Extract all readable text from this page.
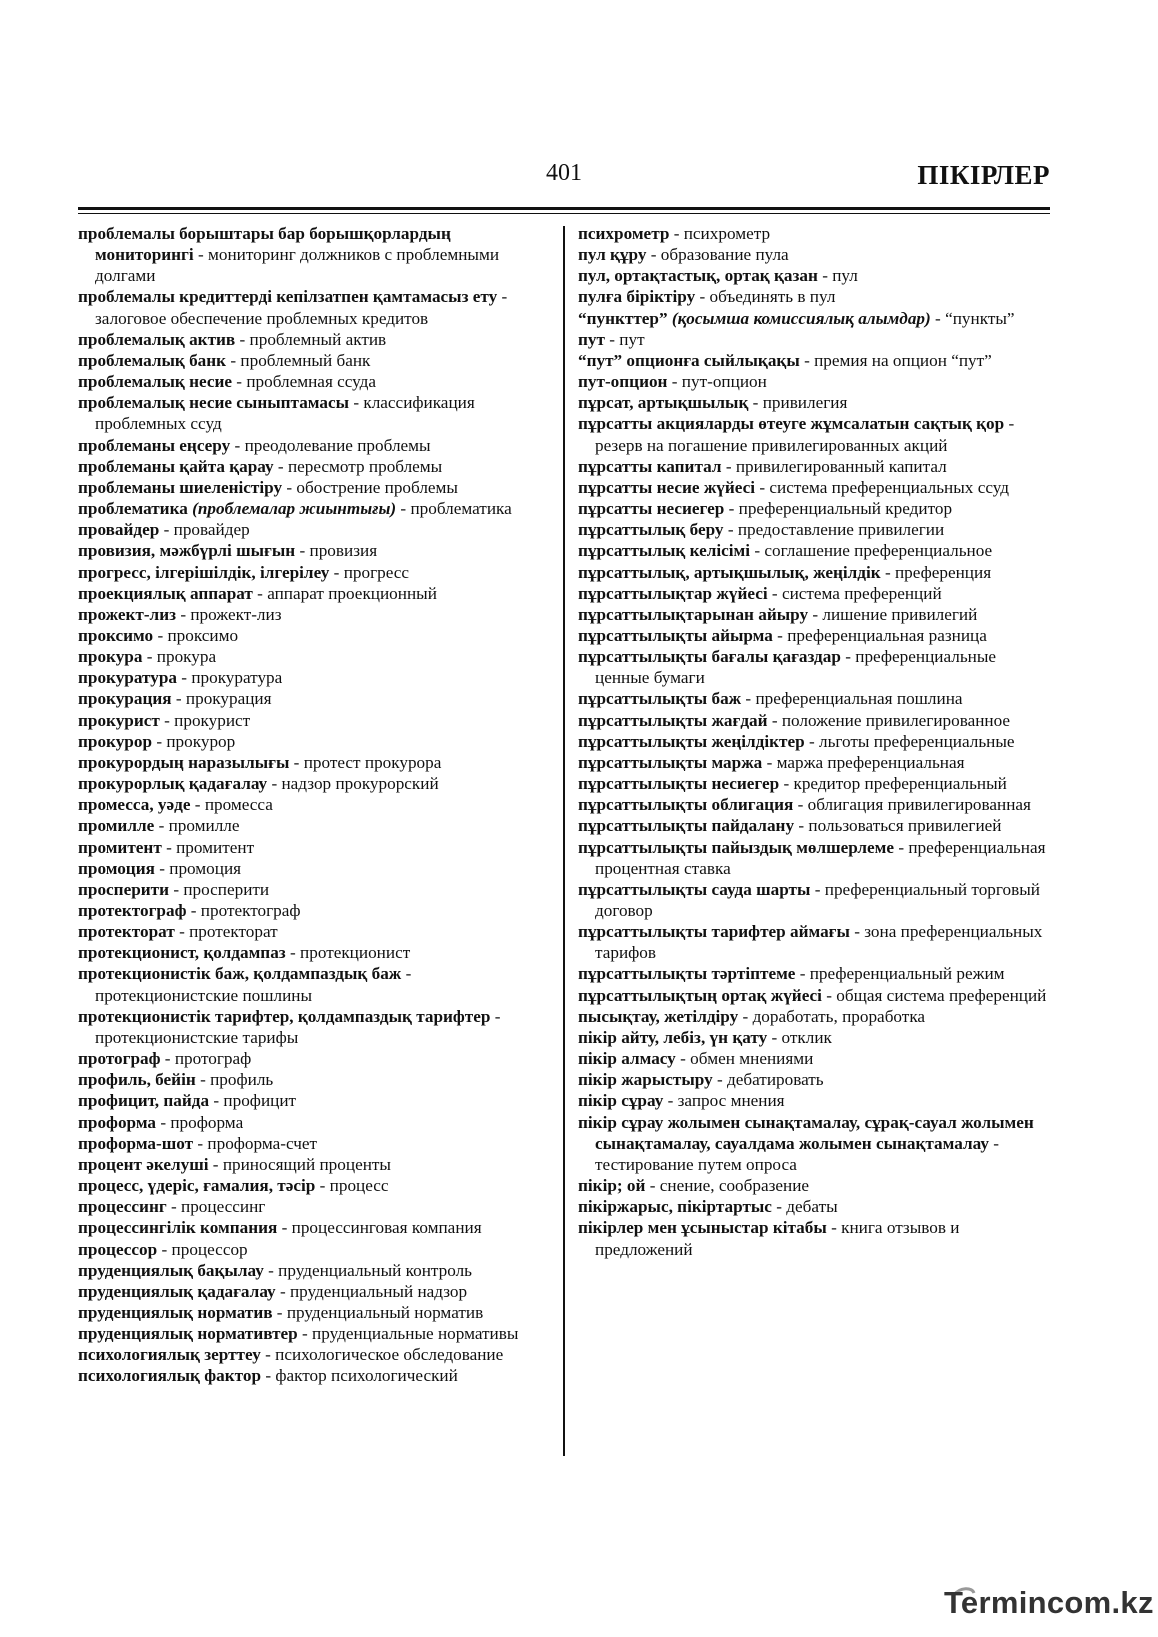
401	ПІКІРЛЕР

проблемалы борыштары бар борышқорлардың мониторингі - мониторинг должников с проблемными долгами

проблемалы кредиттерді кепілзатпен қамтамасыз ету - залоговое обеспечение проблемных кредитов

проблемалық актив - проблемный актив

проблемалық банк - проблемный банк

проблемалық несие - проблемная ссуда

проблемалық несие сыныптамасы - классификация проблемных ссуд

проблеманы еңсеру - преодолевание проблемы

проблеманы қайта қарау - пересмотр проблемы

проблеманы шиеленістіру - обострение проблемы

проблематика (проблемалар жиынтығы) - проблематика

провайдер - провайдер

провизия, мәжбүрлі шығын - провизия

прогресс, ілгерішілдік, ілгерілеу - прогресс

проекциялық аппарат - аппарат проекционный

прожект-лиз - прожект-лиз

проксимо - проксимо

прокура - прокура

прокуратура - прокуратура

прокурация - прокурация

прокурист - прокурист

прокурор - прокурор

прокурордың наразылығы - протест прокурора

прокурорлық қадағалау - надзор прокурорский

промесса, уәде - промесса

промилле - промилле

промитент - промитент

промоция - промоция

просперити - просперити

протектограф - протектограф

протекторат - протекторат

протекционист, қолдампаз - протекционист

протекционистік баж, қолдампаздық баж - протекционистские пошлины

протекционистік тарифтер, қолдампаздық тарифтер - протекционистские тарифы

протограф - протограф

профиль, бейін - профиль

профицит, пайда - профицит

проформа - проформа

проформа-шот - проформа-счет

процент әкелуші - приносящий проценты

процесс, үдеріс, ғамалия, тәсір - процесс

процессинг - процессинг

процессингілік компания - процессинговая компания

процессор - процессор

пруденциялық бақылау - пруденциальный контроль

пруденциялық қадағалау - пруденциальный надзор

пруденциялық норматив - пруденциальный норматив

пруденциялық нормативтер - пруденциальные нормативы

психологиялық зерттеу - психологическое обследование

психологиялық фактор - фактор психологический

психрометр - психрометр

пул құру - образование пула

пул, ортақтастық, ортақ қазан - пул

пулға біріктіру - объединять в пул

“пункттер” (қосымша комиссиялық алымдар) - “пункты”

пут - пут

“пут” опционға сыйлықақы - премия на опцион “пут”

пут-опцион - пут-опцион

пұрсат, артықшылық - привилегия

пұрсатты акцияларды өтеуге жұмсалатын сақтық қор - резерв на погашение привилегированных акций

пұрсатты капитал - привилегированный капитал

пұрсатты несие жүйесі - система преференциальных ссуд

пұрсатты несиегер - преференциальный кредитор

пұрсаттылық беру - предоставление привилегии

пұрсаттылық келісімі - соглашение преференциальное

пұрсаттылық, артықшылық, жеңілдік - преференция

пұрсаттылықтар жүйесі - система преференций

пұрсаттылықтарынан айыру - лишение привилегий

пұрсаттылықты айырма - преференциальная разница

пұрсаттылықты бағалы қағаздар - преференциальные ценные бумаги

пұрсаттылықты баж - преференциальная пошлина

пұрсаттылықты жағдай - положение привилегированное

пұрсаттылықты жеңілдіктер - льготы преференциальные

пұрсаттылықты маржа - маржа преференциальная

пұрсаттылықты несиегер - кредитор преференциальный

пұрсаттылықты облигация - облигация привилегированная

пұрсаттылықты пайдалану - пользоваться привилегией

пұрсаттылықты пайыздық мөлшерлеме - преференциальная процентная ставка

пұрсаттылықты сауда шарты - преференциальный торговый договор

пұрсаттылықты тарифтер аймағы - зона преференциальных тарифов

пұрсаттылықты тәртіптеме - преференциальный режим

пұрсаттылықтың ортақ жүйесі - общая система преференций

пысықтау, жетілдіру - доработать, проработка

пікір айту, лебіз, үн қату - отклик

пікір алмасу - обмен мнениями

пікір жарыстыру - дебатировать

пікір сұрау - запрос мнения

пікір сұрау жолымен сынақтамалау, сұрақ-сауал жолымен сынақтамалау, сауалдама жолымен сынақтамалау - тестирование путем опроса

пікір; ой - снение, сообразение

пікіржарыс, пікіртартыс - дебаты

пікірлер мен ұсыныстар кітабы - книга отзывов и предложений

Termincom.kz
